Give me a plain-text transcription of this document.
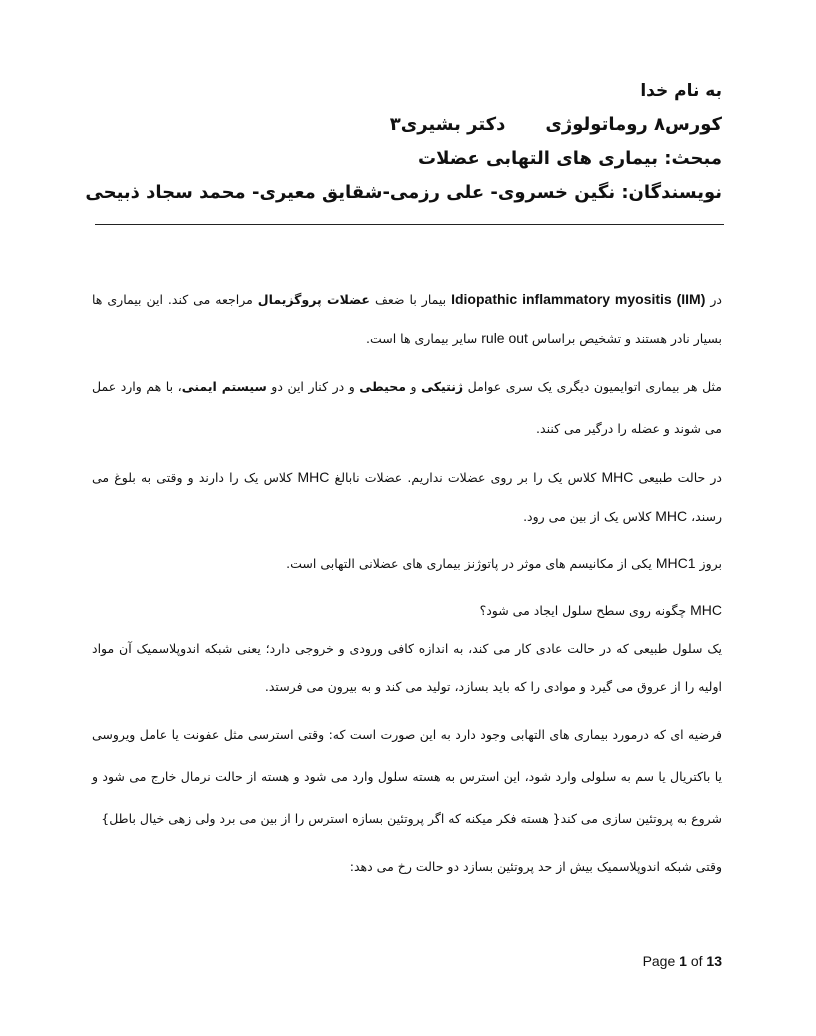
به نام خدا
کورس۸ روماتولوژیدکتر بشیری۳
مبحث: بیماری های التهابی عضلات
نویسندگان: نگین خسروی- علی رزمی-شقایق معیری- محمد سجاد ذبیحی

در Idiopathic inflammatory myositis (IIM) بیمار با ضعف عضلات پروگزیمال مراجعه می کند. این بیماری ها بسیار نادر هستند و تشخیص براساس rule out سایر بیماری ها است.

مثل هر بیماری اتوایمیون دیگری یک سری عوامل ژنتیکی و محیطی و در کنار این دو سیستم ایمنی، با هم وارد عمل می شوند و عضله را درگیر می کنند.

در حالت طبیعی MHC کلاس یک را بر روی عضلات نداریم. عضلات نابالغ MHC کلاس یک را دارند و وقتی به بلوغ می رسند، MHC کلاس یک از بین می رود.

بروز MHC1 یکی از مکانیسم های موثر در پاتوژنز بیماری های عضلانی التهابی است.

MHC چگونه روی سطح سلول ایجاد می شود؟

یک سلول طبیعی که در حالت عادی کار می کند، به اندازه کافی ورودی و خروجی دارد؛ یعنی شبکه اندوپلاسمیک آن مواد اولیه را از عروق می گیرد و موادی را که باید بسازد، تولید می کند و به بیرون می فرستد.

فرضیه ای که درمورد بیماری های التهابی وجود دارد به این صورت است که: وقتی استرسی مثل عفونت یا عامل ویروسی یا باکتریال یا سم به سلولی وارد شود، این استرس به هسته سلول وارد می شود و هسته از حالت نرمال خارج می شود و شروع به پروتئین سازی می کند{ هسته فکر میکنه که اگر پروتئین بسازه استرس را از بین می برد ولی زهی خیال باطل}

وقتی شبکه اندوپلاسمیک بیش از حد پروتئین بسازد دو حالت رخ می دهد:

Page 1 of 13
